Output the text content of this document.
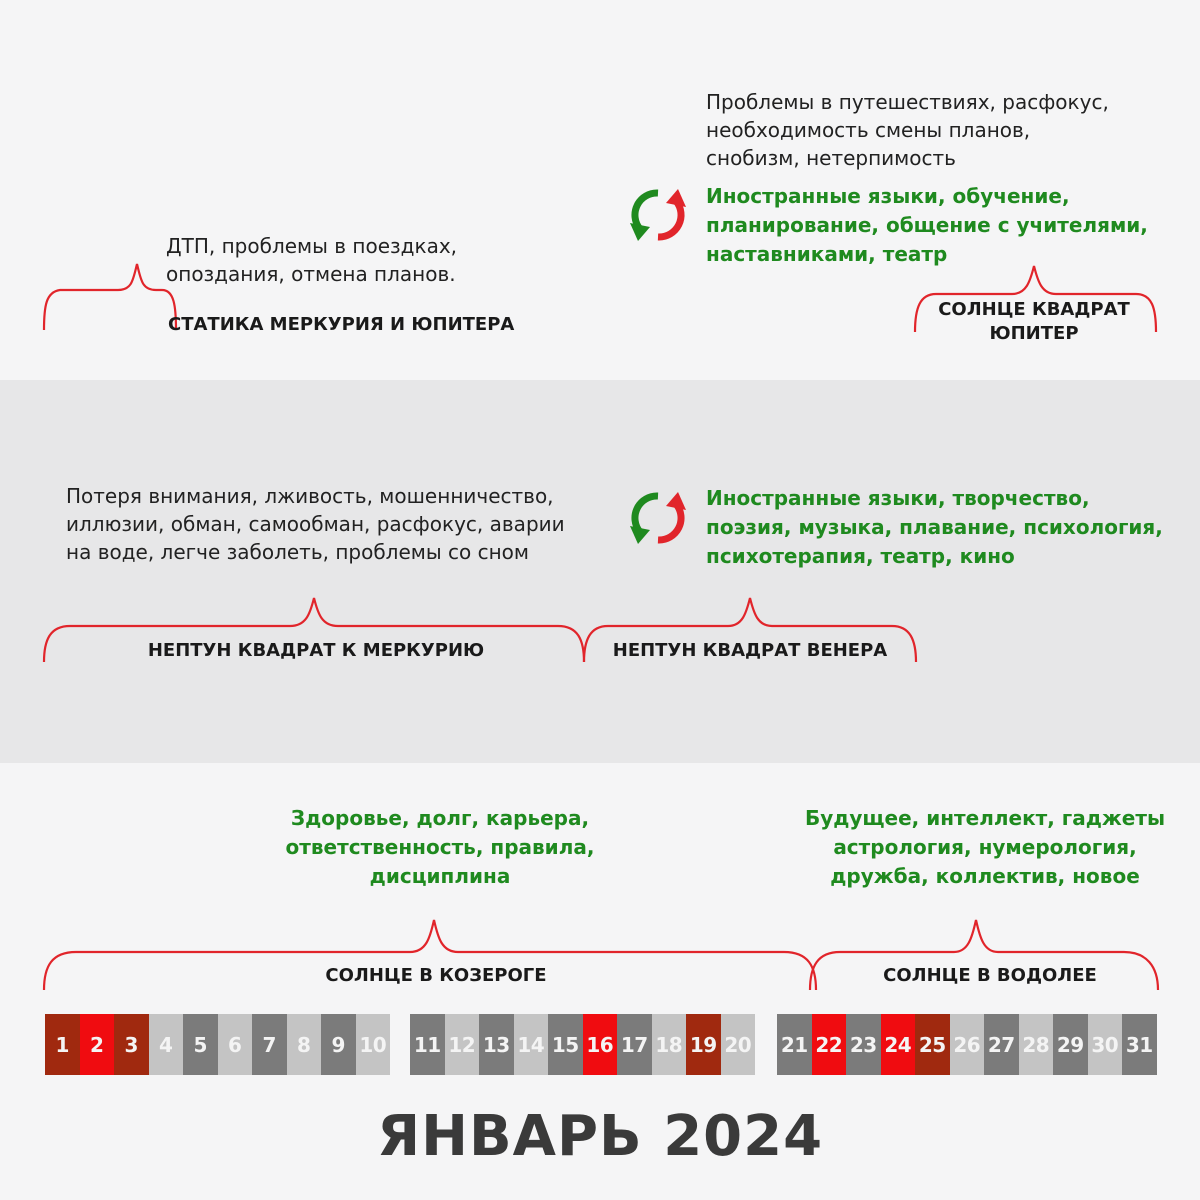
ДТП, проблемы в поездках,
опоздания, отмена планов.
СТАТИКА МЕРКУРИЯ И ЮПИТЕРА
Проблемы в путешествиях, расфокус,
необходимость смены планов,
снобизм, нетерпимость
Иностранные языки, обучение,
планирование, общение с учителями,
наставниками, театр
СОЛНЦЕ КВАДРАТ
ЮПИТЕР
Потеря внимания, лживость, мошенничество,
иллюзии, обман, самообман, расфокус, аварии
на воде, легче заболеть, проблемы со сном
Иностранные языки, творчество,
поэзия, музыка, плавание, психология,
психотерапия, театр, кино
НЕПТУН КВАДРАТ К МЕРКУРИЮ	НЕПТУН КВАДРАТ ВЕНЕРА
Здоровье, долг, карьера,
ответственность, правила,
дисциплина
Будущее, интеллект, гаджеты
астрология, нумерология,
дружба, коллектив, новое
СОЛНЦЕ В КОЗЕРОГЕ	СОЛНЦЕ В ВОДОЛЕЕ
1	2	3	4	5	6	7	8	9 10 11 12 13 14 15 16 17 18 19 20 21 22 23 24 25 26 27 28 29 30 31
ЯНВАРЬ 2024
